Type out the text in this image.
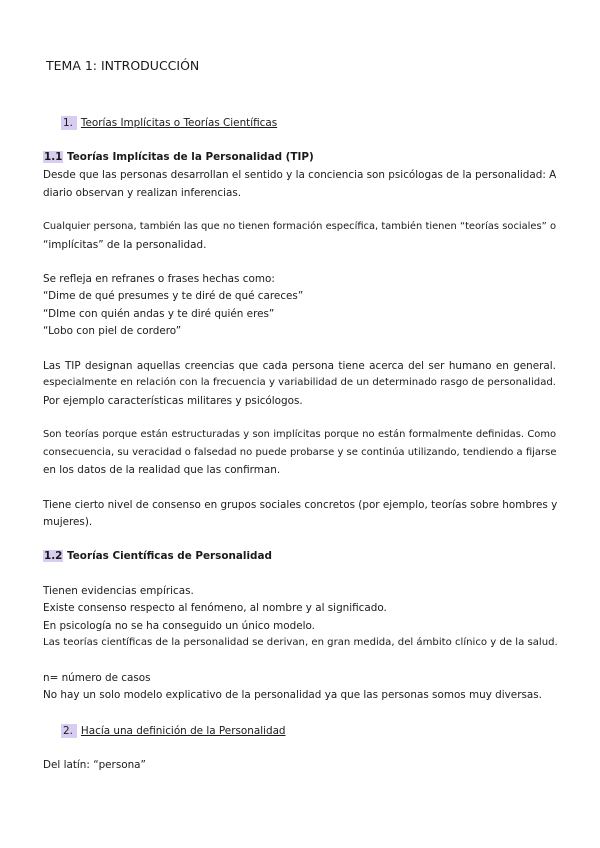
TEMA 1: INTRODUCCIÓN
1. Teorías Implícitas o Teorías Científicas
1.1 Teorías Implícitas de la Personalidad (TIP)
Desde que las personas desarrollan el sentido y la conciencia son psicólogas de la personalidad: A
diario observan y realizan inferencias.
Cualquier persona, también las que no tienen formación específica, también tienen “teorías sociales” o
“implícitas” de la personalidad.
Se refleja en refranes o frases hechas como:
“Dime de qué presumes y te diré de qué careces”
“DIme con quién andas y te diré quién eres”
“Lobo con piel de cordero”
Las TIP designan aquellas creencias que cada persona tiene acerca del ser humano en general.
especialmente en relación con la frecuencia y variabilidad de un determinado rasgo de personalidad.
Por ejemplo características militares y psicólogos.
Son teorías porque están estructuradas y son implícitas porque no están formalmente definidas. Como
consecuencia, su veracidad o falsedad no puede probarse y se continúa utilizando, tendiendo a fijarse
en los datos de la realidad que las confirman.
Tiene cierto nivel de consenso en grupos sociales concretos (por ejemplo, teorías sobre hombres y
mujeres).
1.2 Teorías Científicas de Personalidad
Tienen evidencias empíricas.
Existe consenso respecto al fenómeno, al nombre y al significado.
En psicología no se ha conseguido un único modelo.
Las teorías científicas de la personalidad se derivan, en gran medida, del ámbito clínico y de la salud.
n= número de casos
No hay un solo modelo explicativo de la personalidad ya que las personas somos muy diversas.
2. Hacía una definición de la Personalidad
Del latín: “persona”
